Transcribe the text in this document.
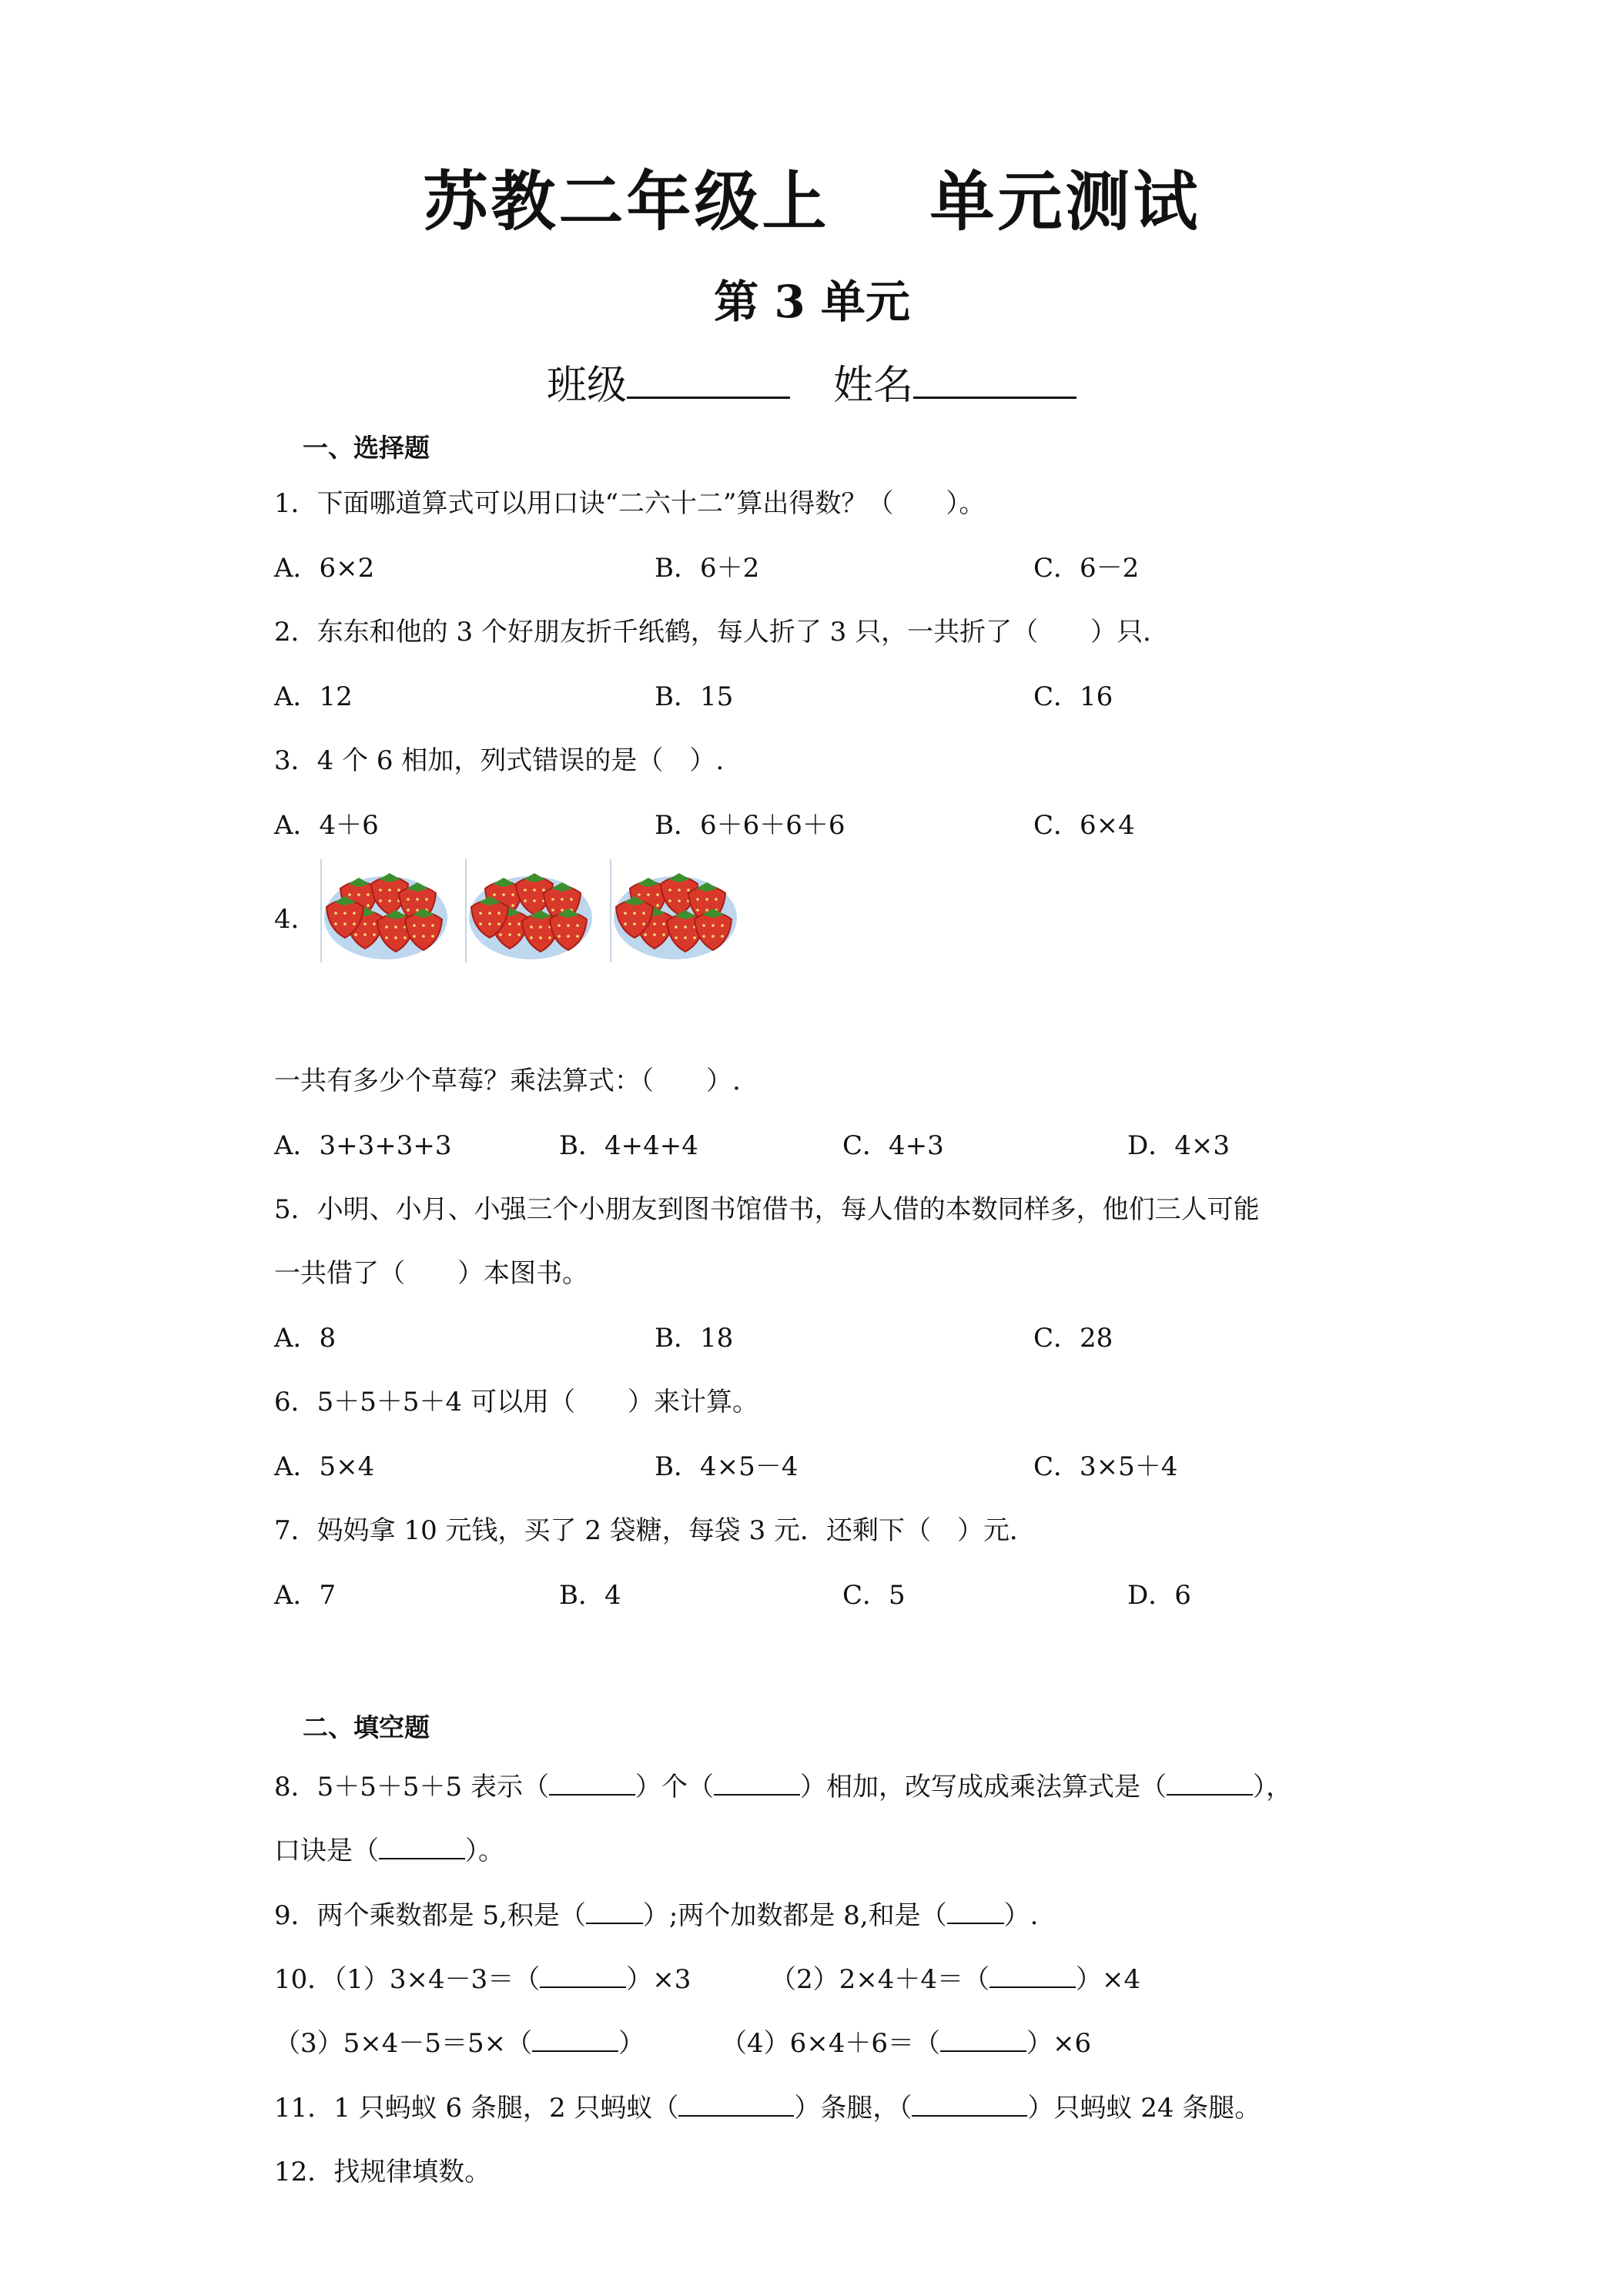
苏教二年级上 单元测试
第 3 单元
班级	姓名
一、选择题
1．下面哪道算式可以用口诀“二六十二”算出得数？（　　）。
A．6×2	B．6＋2	C．6－2
2．东东和他的 3 个好朋友折千纸鹤，每人折了 3 只，一共折了（　　）只．
A．12	B．15	C．16
3．4 个 6 相加，列式错误的是（　）.
A．4＋6	B．6＋6＋6＋6	C．6×4
4．
一共有多少个草莓？乘法算式：（　　）.
A．3+3+3+3	B．4+4+4	C．4+3	D．4×3
5．小明、小月、小强三个小朋友到图书馆借书，每人借的本数同样多，他们三人可能
一共借了（　　）本图书。
A．8	B．18	C．28
6．5＋5＋5＋4 可以用（　　）来计算。
A．5×4	B．4×5－4	C．3×5＋4
7．妈妈拿 10 元钱，买了 2 袋糖，每袋 3 元．还剩下（　）元．
A．7	B．4	C．5	D．6
二、填空题
8．5＋5＋5＋5 表示（	）个（	）相加，改写成成乘法算式是（	），
口诀是（	）。
9．两个乘数都是 5,积是（ ）;两个加数都是 8,和是（ ）.
10．（1）3×4－3＝（	）×3	（2）2×4＋4＝（	）×4
（3）5×4－5＝5×（	）	（4）6×4＋6＝（	）×6
11．1 只蚂蚁 6 条腿，2 只蚂蚁（	）条腿，（	）只蚂蚁 24 条腿。
12．找规律填数。
